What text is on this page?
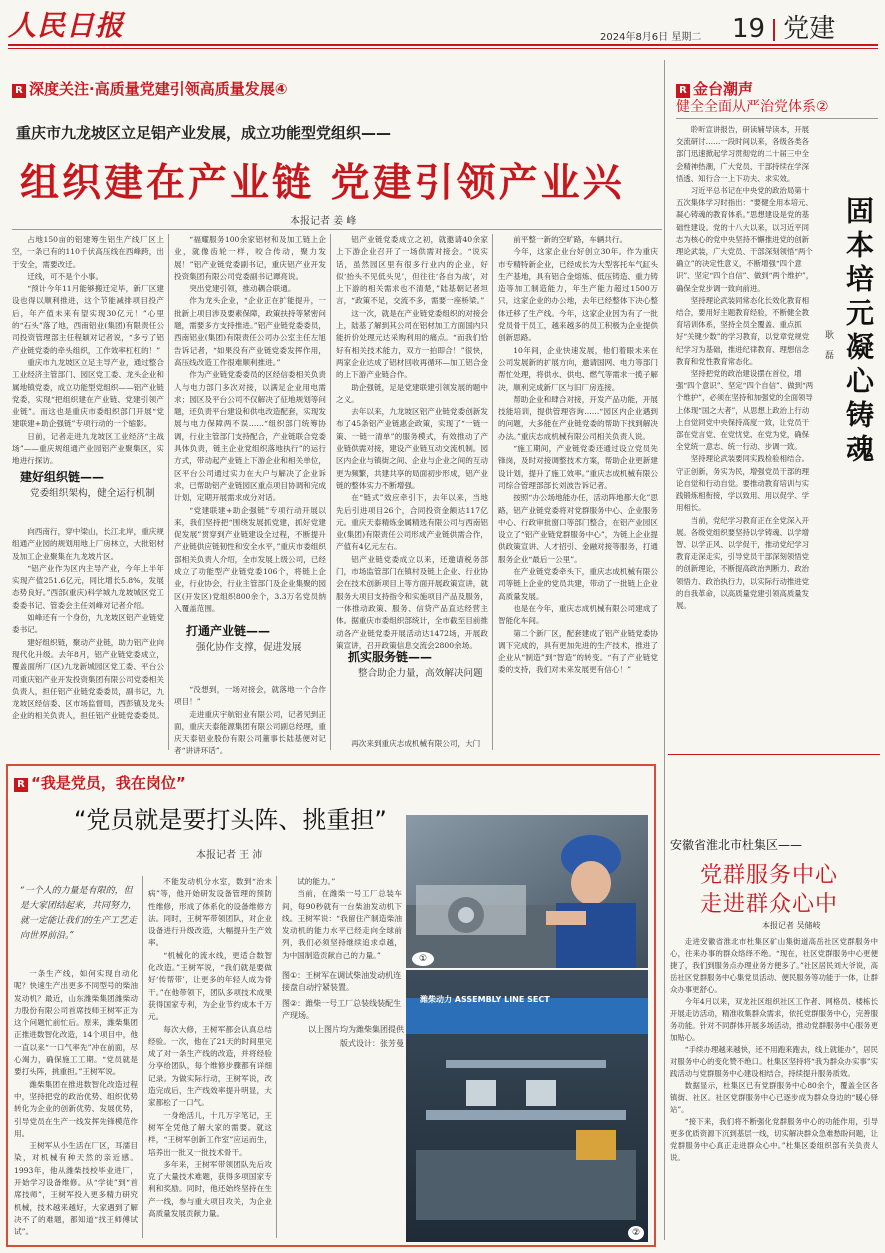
人民日报	2024年8月6日 星期二 19 党建
R 深度关注·高质量党建引领高质量发展④
重庆市九龙坡区立足铝产业发展，成立功能型党组织——
组织建在产业链 党建引领产业兴
本报记者 姜 峰

占地150亩的铝建筹生铝生产线厂区上空，一条已有的110千伏高压线在西峰跨，出于安全，需要改迁。

迁线，可不是个小事。

“预计今年11月能够搬迁定毕，新厂区建设也得以顺利推进，这个节能减排项目投产后，年产值未来有望实现30亿元！”心里的“石头”落了地，西南铝业(集团)有限责任公司投资管理部主任程颖对记者说，“多亏了铝产业链党委的牵头组织，工作效率杠杠的！”

重庆市九龙坡区立足主导产业，通过整合工业经济主管部门、园区党工委、龙头企业和属地镇党委，成立功能型党组织——铝产业链党委，实现“把组织建在产业链、党建引领产业链”。而这也是重庆市委组织部门开展“党建联建+助企强链”专项行动的一个缩影。

日前，记者走进九龙坡区工业经济“主战场”——重庆规组通产业园铝产业聚集区，实地进行探访。

建好组织链——
党委组织架构，健全运行机制

向西南行，穿中梁山，长江北岸，重庆规组通产业园的规划用地上厂房林立，大批铝材及加工企业聚集在九龙坡片区。

“铝产业作为区内主导产业，今年上半年实现产值251.6亿元，同比增长5.8%，发展态势良好。”西部(重庆)科学城九龙坡城区党工委委书记、管委会主任刘峰对记者介绍。

如峰还有一个身份，九龙坡区铝产业链党委书记。

建好组织链，聚动产业链，助力铝产业向现代化升级。去年8月，铝产业链党委成立，覆盖面所厂(区)九龙新城园区党工委、平台公司重庆铝产业开发投资集团有限公司党委相关负责人，担任铝产业链党委委员，副书记，九龙坡区经信委、区市场监督局，西彭镇及龙头企业的相关负责人，担任铝产业链党委委员。

“福耀服务100余家铝材和及加工链上企业，就像齿轮一样，咬合传动，聚力发展！”铝产业链党委副书记，重庆铝产业开发投资集团有限公司党委副书记谭亮说。

突出党建引领，推动耦合联通。

作为龙头企业，“企业正在扩能提升，一批新上项目涉及要素保障，政策扶持等紧密问题，需要多方支持推进。”铝产业链党委委员，西南铝业(集团)有限责任公司办公室主任左旭告诉记者，“如果没有产业链党委发挥作用，高压线改造工作很难顺利推进。”

作为产业链党委委员的区经信委相关负责人与电力部门多次对接，以满足企业用电需求；园区及平台公司不仅解决了征地规划等问题，还负责平台建设和供电改造配套，实现发展与电力保障两不误……“组织部门统筹协调，行业主管部门支持配合，产业链联合党委具体负责，链主企业党组织落地执行”的运行方式，带动起产业链上下游企业和相关单位，区平台公司通过实力在大户与解决了企业诉求，已帮助铝产业链园区重点项目协调和完成计划，定期开展需求成分对话。

“党建联建+助企强链”专项行动开展以来，我们坚持把“围绕发展抓党建，抓好党建促发展”贯穿到产业链建设全过程，不断提升产业链供应链韧性和安全水平，”重庆市委组织部相关负责人介绍，全市发展上级公司，已经成立了功能型产业链党委106个，将链上企业，行业协会，行业主管部门及企业集聚的园区(开发区)党组织800余个，3.3万名党员纳入覆盖范围。

打通产业链——
强化协作支撑，促进发展

“没想到，一场对接会，就落地一个合作项目！”

走进重庆宇航铝业有限公司，记者见到正面，重庆天泰能源集团有限公司副总经理，重庆天泰铝业股份有限公司董事长陆基便对记者“讲讲环话”。

铝产业链党委成立之初，就邀请40余家上下游企业召开了一场供需对接会。“说实话，虽然园区里有很多行业内的企业，好似‘抬头不见低头见’，但往往‘各自为战’，对上下游的相关需求也不清楚，”陆基朝记者坦言，“政策不足，交流不多，需要一座桥梁。”

这一次，就是在产业链党委组织的对接会上，陆基了解到其公司在铝材加工方面国内只能折价处理元达采购利用的痛点。“而我们恰好有相关技术能力，双方一拍即合！”很快，两家企业达成了铝材回收再循环—加工铝合金的上下游产业链合作。

助企强链，足是党建联建引领发展的题中之义。

去年以来，九龙坡区铝产业链党委创新发布了45条铝产业链惠企政策，实现了“一链一策、一链一清单”的服务模式，有效推动了产业链供需对接，建设产业链互动交流机制。园区内企业与镇街之间、企业与企业之间的互动更为频繁，共建共享的局面初步形成，铝产业链的整体实力不断增强。

在“链式”效应牵引下，去年以来，当地先后引进项目26个，合同投资金额达117亿元。重庆天泰精炼金属精选有限公司与西南铝业(集团)有限责任公司形成产业链供需合作，产值有4亿元左右。

铝产业链党委成立以来，还邀请税务部门，市场监管部门在镇村及链上企业、行业协会在技术创新项目上等方面开展政策宣讲，就服务大项目支持指令和实施项目产品及服务，一体推动政策、服务、信贷产品直达经营主体。据重庆市委组织部统计，全市截至目前推动各产业链党委开展活动达1472场，开展政策宣讲，召开政策信息交流会2800余场。

抓实服务链——
整合助企力量，高效解决问题

再次来到重庆志成机械有限公司，大门

前平整一新的空旷路，车辆共行。

今年，这家企业台好创立30年。作为重庆市专精特新企业，已经成长为大型客托车气缸头生产基地，具有铝合金熔炼、低压铸造、重力铸造等加工制造能力，年生产能力超过1500万只，这家企业的办公地，去年已经整体下决心整体迁移了生产线。今年，这家企业因为有了一批党员骨干员工，越来越多的员工积极为企业提供创新思路。

10年间，企业快速发展，他们着眼未来在公司发展新的扩展方向，邀请国网、电力等部门帮忙处理，将供水、供电、燃气等需求一揽子解决，顺利完成新厂区与旧厂房连接。

帮助企业和肆合对接，开发产品功能，开展技能培训，提供管理咨询……“园区内企业遇到的问题，大多能在产业链党委的帮助下找到解决办法。”重庆志成机械有限公司相关负责人说。

“施工期间，产业链党委还通过设立党员先锋岗，及时对接调整技术方案，帮助企业更新建设计划，提升了施工效率。”重庆志成机械有限公司综合管理部部长刘波告诉记者。

按照“办公场地能办任，活动阵地都大化”思路，铝产业链党委将对党群服务中心、企业服务中心、行政审批窗口等部门整合，在铝产业园区设立了“铝产业链党群服务中心”，为链上企业提供政策宣讲、人才招引、金融对接等服务，打通服务企业“最后一公里”。

在产业链党委牵头下，重庆志成机械有限公司等链上企业的党员共建，带动了一批链上企业高质量发展。

也是在今年，重庆志成机械有限公司建成了智能化车间。

第二个新厂区，配套建成了铝产业链党委协调下完成的，具有更加先进的生产技术，推进了企业从“制造”到“智造”的转变。“有了产业链党委的支持，我们对未来发展更有信心！”

R 金台潮声
健全全面从严治党体系②

聆听宣讲报告，研读辅导读本，开展交流研讨……一段时间以来，各级各类各部门迅速掀起学习贯彻党的二十届三中全会精神热潮，广大党员、干部持续在学深悟透、知行合一上下功夫、求实效。

习近平总书记在中央党的政治局第十五次集体学习时指出：“要健全用本培元、凝心铸魂的教育体系。”思想建设是党的基础性建设。党的十八大以来，以习近平同志为核心的党中央坚持不懈推进党的创新理论武装，广大党员、干部深刻领悟“两个确立”的决定性意义，不断增强“四个意识”、坚定“四个自信”、做到“两个维护”，确保全党步调一致向前进。

坚持理论武装同常态化长效化教育相结合，要用好主题教育经验，不断健全教育培训体系，坚持全员全覆盖、重点抓好“关键少数”的学习教育，以党章党规党纪学习为基础，推进纪律教育、理想信念教育和党性教育常态化。

坚持把党的政治建设摆在首位，增强“四个意识”、坚定“四个自信”、做到“两个维护”，必须在坚持和加强党的全面领导上体现“国之大者”，从思想上政治上行动上自觉同党中央保持高度一致，让党员干部在党言党、在党忧党、在党为党，确保全党统一意志、统一行动、步调一致。

坚持理论武装要同实践检验相结合。守正创新，务实为民，增强党员干部的理论自觉和行动自觉。要推动教育培训与实践锻炼相衔接，学以致用、用以促学、学用相长。

当前，党纪学习教育正在全党深入开展。各级党组织要坚持以学铸魂、以学增智、以学正风、以学促干，推动党纪学习教育走深走实，引导党员干部深刻领悟党的创新理论，不断提高政治判断力、政治领悟力、政治执行力，以实际行动推进党的自我革命，以高质量党建引领高质量发展。

固本培元
耿 磊 凝心铸魂
安徽省淮北市杜集区——
党群服务中心
走进群众心中
本报记者 吴储岐

走进安徽省淮北市杜集区矿山集街道高岳社区党群服务中心，往来办事的群众络绎不绝。“现在，社区党群服务中心更便捷了，我们到服务点办理业务方便多了。”社区居民刘大爷说，高岳社区党群服务中心集党员活动、便民服务等功能于一体，让群众办事更舒心。

今年4月以来，双龙社区组织社区工作者、网格员、楼栋长开展走访活动，精准收集群众需求，依托党群服务中心，完善服务功能。针对不同群体开展多场活动，推动党群服务中心服务更加贴心。

“手续办理越来越快，还不用跑来跑去，线上就能办”，居民对服务中心的变化赞不绝口。杜集区坚持将“我为群众办实事”实践活动与党群服务中心建设相结合，持续提升服务质效。

数据显示，杜集区已有党群服务中心80余个，覆盖全区各镇街、社区。社区党群服务中心已逐步成为群众身边的“暖心驿站”。

“接下来，我们将不断强化党群服务中心的功能作用，引导更多优质资源下沉到基层一线，切实解决群众急难愁盼问题，让党群服务中心真正走进群众心中。”杜集区委组织部有关负责人说。

R “我是党员，我在岗位”
“党员就是要打头阵、挑重担”
本报记者 王 沛
“一个人的力量是有限的，但是大家团结起来，共同努力，就一定能让我们的生产工艺走向世界前沿。”

一条生产线，如何实现自动化呢？快速生产出更多不同型号的柴油发动机？最近，山东潍柴集团潍柴动力股份有限公司首席技师王树军正为这个问题忙前忙后。原来，潍柴集团正推进数智化改造，14个项目中，他一直以来“一口气率先”冲在前面，尽心竭力，确保施工工期。“党员就是要打头阵，挑重担。”王树军说。

潍柴集团在推进数智化改造过程中，坚持把党的政治优势、组织优势转化为企业的创新优势、发展优势，引导党员在生产一线发挥先锋模范作用。

王树军从小生活在厂区，耳濡目染，对机械有种天然的亲近感。1993年，他从潍柴技校毕业进厂，开始学习设备维修。从“学徒”到“首席技师”，王树军投入更多精力研究机械，技术越来越好，大家遇到了解决不了的难题，都知道“找王师傅试试”。

不能发动机分水室，数到“治未病”等，他开始研发设备管理的预防性维修，形成了体系化的设备维修方法。同时，王树军带领团队，对企业设备进行升级改造，大幅提升生产效率。

“机械化的流水线，更适合数智化改造。”王树军说，“我们就是要做好‘传帮带’，让更多的年轻人成为骨干。”在他带领下，团队多项技术成果获得国家专利，为企业节约成本千万元。

每次大修，王树军都会认真总结经验。一次，他在了21天的时间里完成了对一条生产线的改造，并将经验分享给团队，每个维修步骤都有详细记录。为做实际行动，王树军说，改造完成后，生产线效率提升明显，大家都松了一口气。

一身绝活儿，十几万字笔记，王树军全凭他了解大家的需要。就这样，“王树军创新工作室”应运而生，培养出一批又一批技术骨干。

多年来，王树军带领团队先后攻克了大量技术难题，获得多项国家专利和奖励。同时，他还始终坚持在生产一线，参与重大项目攻关，为企业高质量发展贡献力量。

试的能力。”

当前，在潍柴一号工厂总装车间，每90秒就有一台柴油发动机下线。王树军说：“我留住产制造柴油发动机的能力水平已经走向全球前列，我们必须坚持继续追求卓越，为中国制造贡献自己的力量。”

图①：王树军在调试柴油发动机连接盘自动拧紧装置。
图②：潍柴一号工厂总装线装配生产现场。
以上图片均为潍柴集团提供
版式设计：张芳曼
①
潍柴动力 ASSEMBLY LINE SECT
②
